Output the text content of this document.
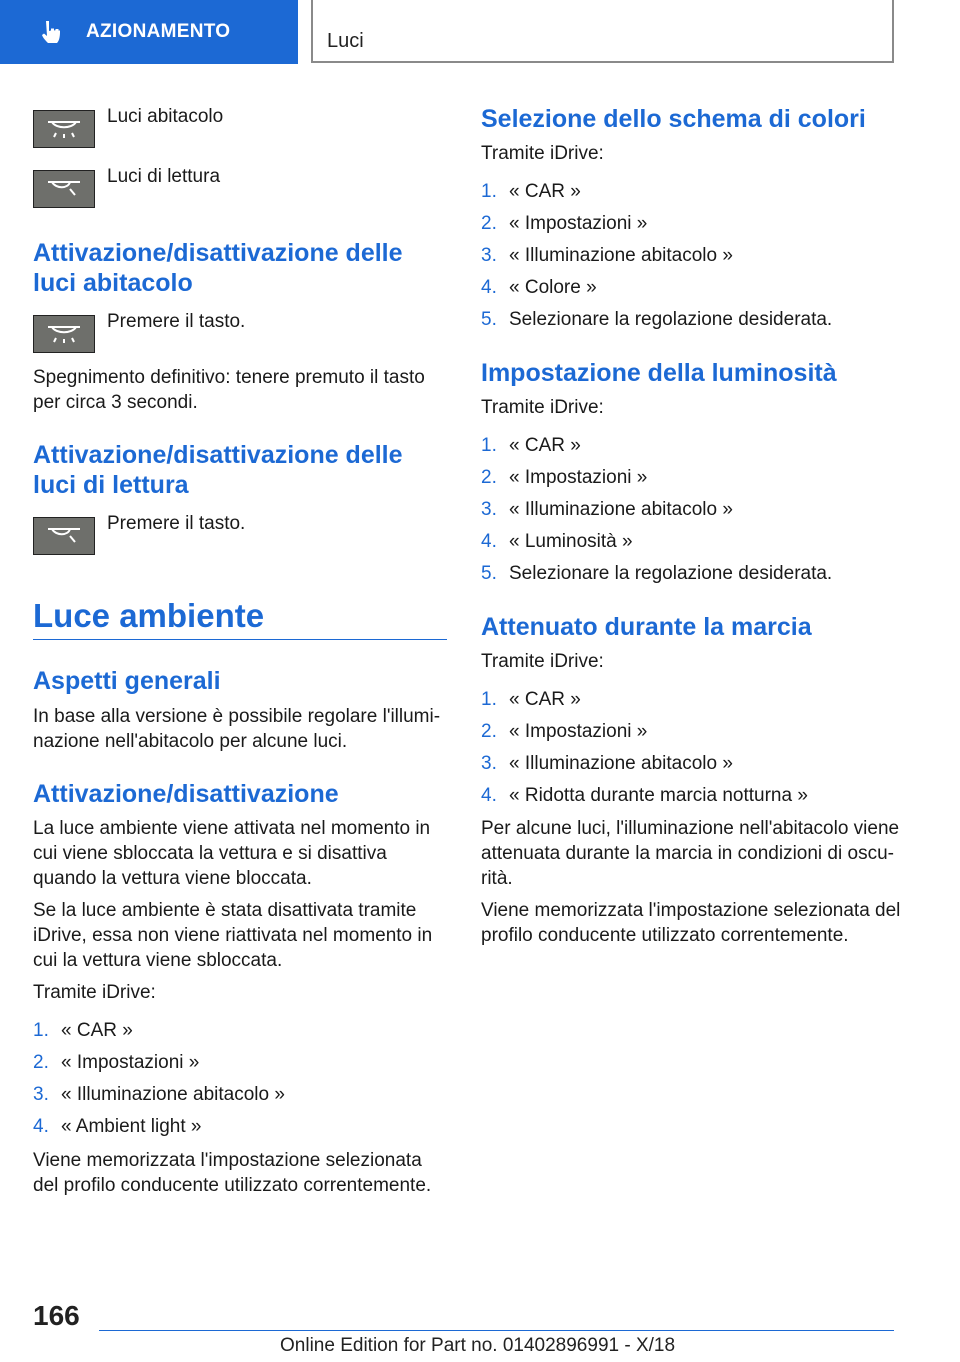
AZIONAMENTO	Luci
Luci abitacolo
Luci di lettura
Attivazione/disattivazione delle luci abitacolo
Premere il tasto.

Spegnimento definitivo: tenere premuto il tasto per circa 3 secondi.

Attivazione/disattivazione delle luci di lettura
Premere il tasto.
Luce ambiente
Aspetti generali

In base alla versione è possibile regolare l'illuminazione nell'abitacolo per alcune luci.

Attivazione/disattivazione

La luce ambiente viene attivata nel momento in cui viene sbloccata la vettura e si disattiva quando la vettura viene bloccata.

Se la luce ambiente è stata disattivata tramite iDrive, essa non viene riattivata nel momento in cui la vettura viene sbloccata.

Tramite iDrive:

1. « CAR »
2. « Impostazioni »
3. « Illuminazione abitacolo »
4. « Ambient light »

Viene memorizzata l'impostazione selezionata del profilo conducente utilizzato correntemente.

Selezione dello schema di colori

Tramite iDrive:

1. « CAR »
2. « Impostazioni »
3. « Illuminazione abitacolo »
4. « Colore »
5. Selezionare la regolazione desiderata.
Impostazione della luminosità

Tramite iDrive:

1. « CAR »
2. « Impostazioni »
3. « Illuminazione abitacolo »
4. « Luminosità »
5. Selezionare la regolazione desiderata.
Attenuato durante la marcia

Tramite iDrive:

1. « CAR »
2. « Impostazioni »
3. « Illuminazione abitacolo »
4. « Ridotta durante marcia notturna »

Per alcune luci, l'illuminazione nell'abitacolo viene attenuata durante la marcia in condizioni di oscurità.

Viene memorizzata l'impostazione selezionata del profilo conducente utilizzato correntemente.

166
Online Edition for Part no. 01402896991 - X/18
